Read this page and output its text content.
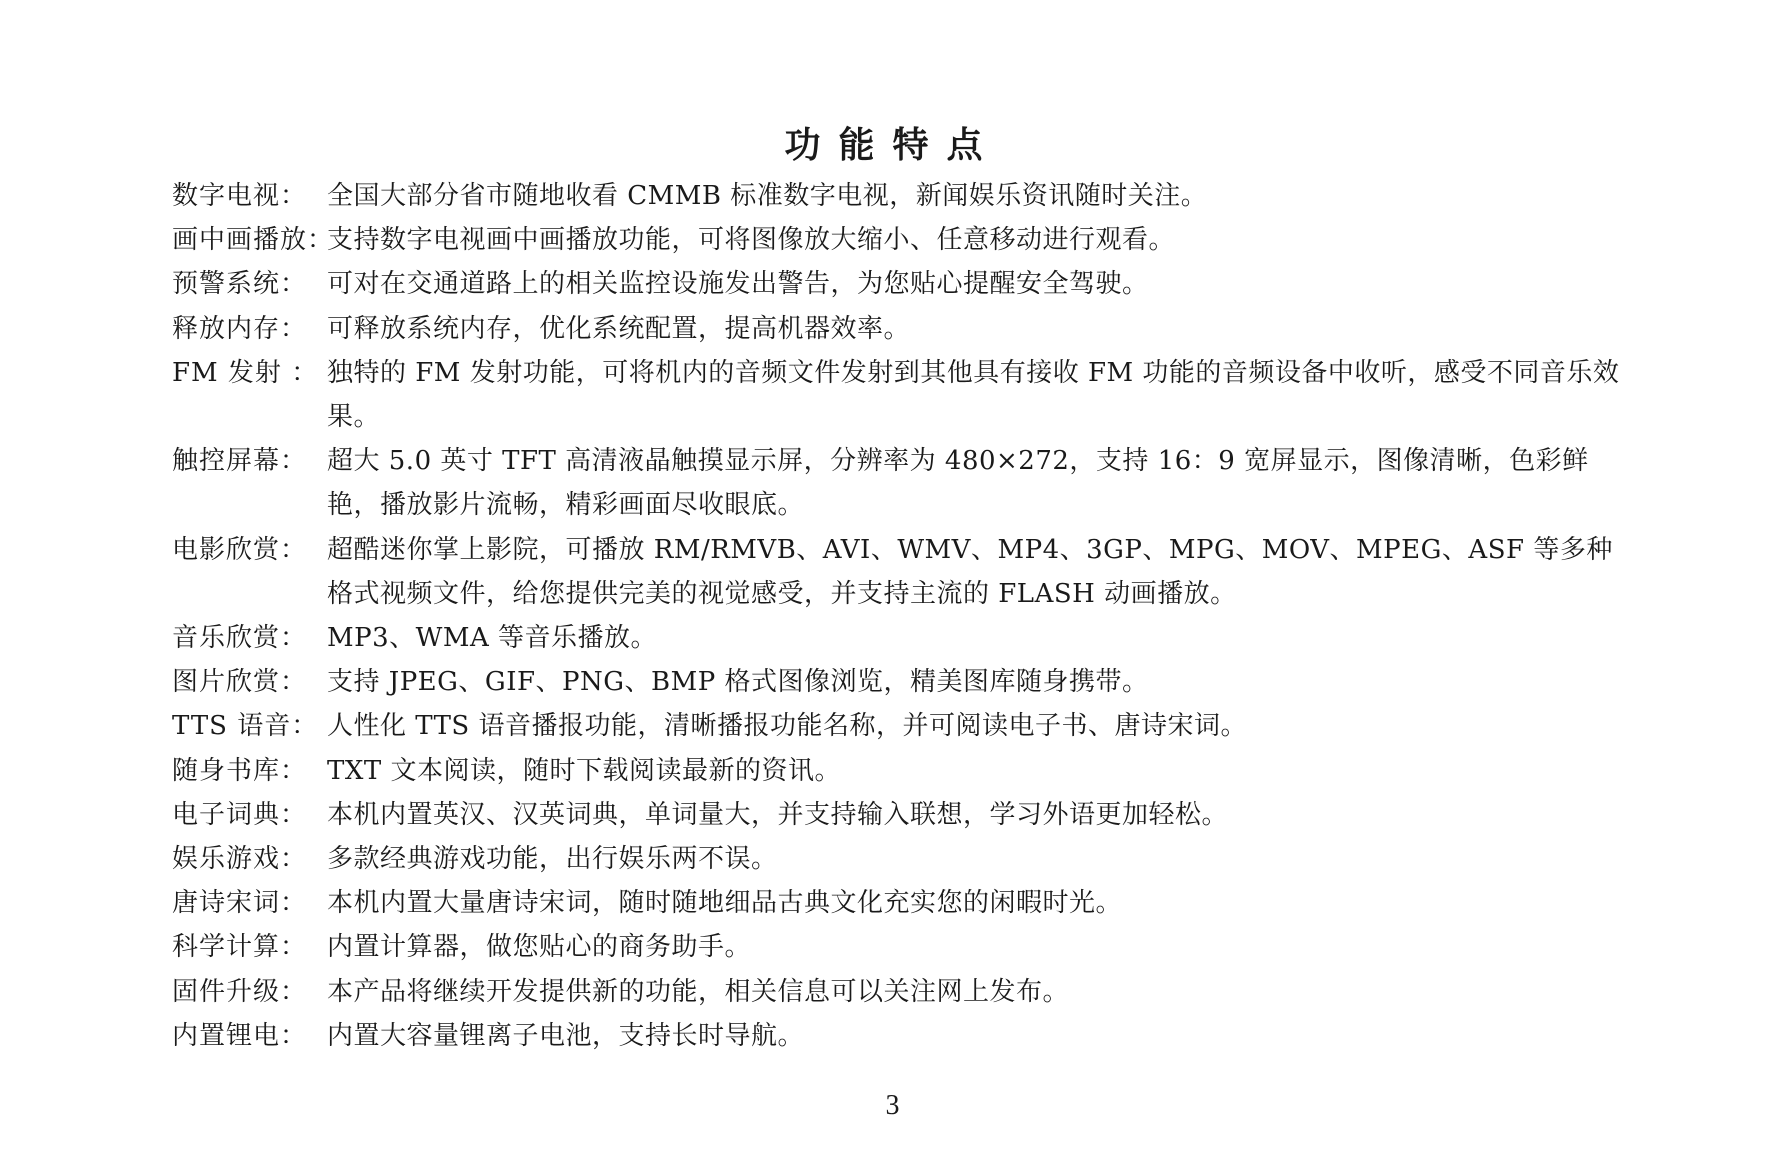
功能特点
数字电视： 全国大部分省市随地收看 CMMB 标准数字电视，新闻娱乐资讯随时关注。
画中画播放：
支持数字电视画中画播放功能，可将图像放大缩小、任意移动进行观看。
预警系统： 可对在交通道路上的相关监控设施发出警告，为您贴心提醒安全驾驶。
释放内存： 可释放系统内存，优化系统配置，提高机器效率。
FM 发射 ： 独特的 FM 发射功能，可将机内的音频文件发射到其他具有接收 FM 功能的音频设备中收听，感受不同音乐效果。
触控屏幕： 超大 5.0 英寸 TFT 高清液晶触摸显示屏，分辨率为 480×272，支持 16：9 宽屏显示，图像清晰，色彩鲜艳，播放影片流畅，精彩画面尽收眼底。
电影欣赏： 超酷迷你掌上影院，可播放 RM/RMVB、AVI、WMV、MP4、3GP、MPG、MOV、MPEG、ASF 等多种格式视频文件，给您提供完美的视觉感受，并支持主流的 FLASH 动画播放。
音乐欣赏： MP3、WMA 等音乐播放。
图片欣赏： 支持 JPEG、GIF、PNG、BMP 格式图像浏览，精美图库随身携带。
TTS 语音： 人性化 TTS 语音播报功能，清晰播报功能名称，并可阅读电子书、唐诗宋词。
随身书库： TXT 文本阅读，随时下载阅读最新的资讯。
电子词典： 本机内置英汉、汉英词典，单词量大，并支持输入联想，学习外语更加轻松。
娱乐游戏： 多款经典游戏功能，出行娱乐两不误。
唐诗宋词： 本机内置大量唐诗宋词，随时随地细品古典文化充实您的闲暇时光。
科学计算： 内置计算器，做您贴心的商务助手。
固件升级： 本产品将继续开发提供新的功能，相关信息可以关注网上发布。
内置锂电： 内置大容量锂离子电池，支持长时导航。
3
